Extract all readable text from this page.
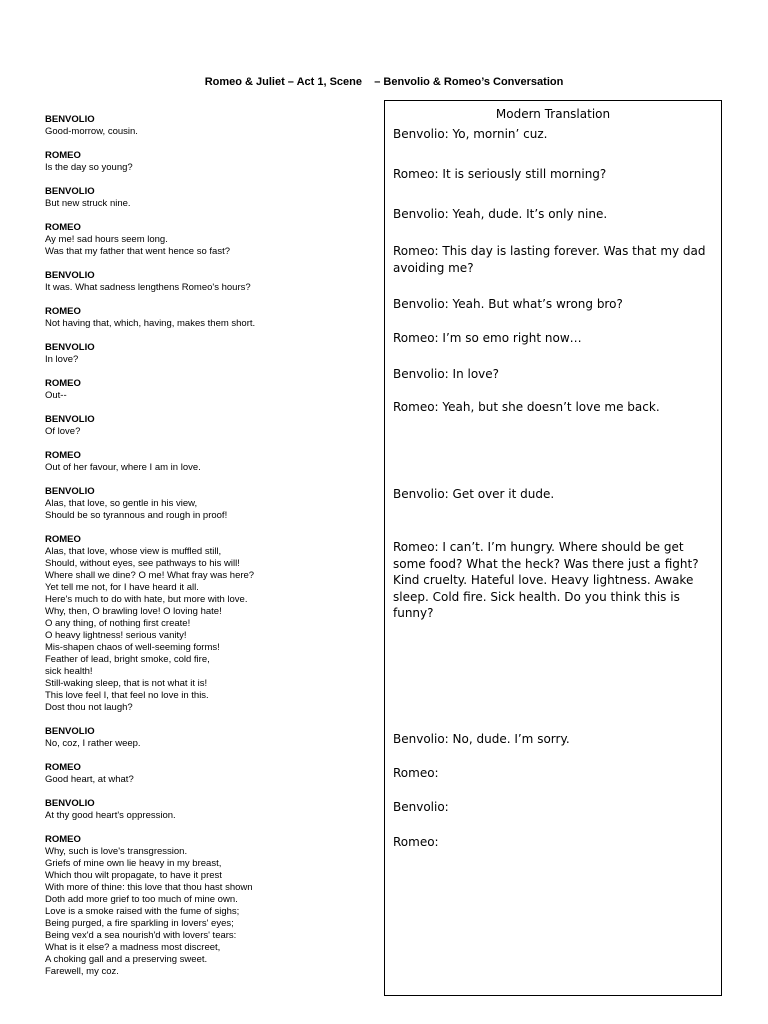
Romeo & Juliet – Act 1, Scene – Benvolio & Romeo’s Conversation
BENVOLIO
Good-morrow, cousin.
ROMEO
Is the day so young?
BENVOLIO
But new struck nine.
ROMEO
Ay me! sad hours seem long.
Was that my father that went hence so fast?
BENVOLIO
It was. What sadness lengthens Romeo's hours?
ROMEO
Not having that, which, having, makes them short.
BENVOLIO
In love?
ROMEO
Out--
BENVOLIO
Of love?
ROMEO
Out of her favour, where I am in love.
BENVOLIO
Alas, that love, so gentle in his view,
Should be so tyrannous and rough in proof!
ROMEO
Alas, that love, whose view is muffled still,
Should, without eyes, see pathways to his will!
Where shall we dine? O me! What fray was here?
Yet tell me not, for I have heard it all.
Here's much to do with hate, but more with love.
Why, then, O brawling love! O loving hate!
O any thing, of nothing first create!
O heavy lightness! serious vanity!
Mis-shapen chaos of well-seeming forms!
Feather of lead, bright smoke, cold fire,
sick health!
Still-waking sleep, that is not what it is!
This love feel I, that feel no love in this.
Dost thou not laugh?
BENVOLIO
No, coz, I rather weep.
ROMEO
Good heart, at what?
BENVOLIO
At thy good heart's oppression.
ROMEO
Why, such is love's transgression.
Griefs of mine own lie heavy in my breast,
Which thou wilt propagate, to have it prest
With more of thine: this love that thou hast shown
Doth add more grief to too much of mine own.
Love is a smoke raised with the fume of sighs;
Being purged, a fire sparkling in lovers' eyes;
Being vex'd a sea nourish'd with lovers' tears:
What is it else? a madness most discreet,
A choking gall and a preserving sweet.
Farewell, my coz.
Modern Translation
Benvolio: Yo, mornin’ cuz.
Romeo: It is seriously still morning?
Benvolio: Yeah, dude. It’s only nine.
Romeo: This day is lasting forever. Was that my dad avoiding me?
Benvolio: Yeah. But what’s wrong bro?
Romeo: I’m so emo right now…
Benvolio: In love?
Romeo: Yeah, but she doesn’t love me back.
Benvolio: Get over it dude.
Romeo: I can’t. I’m hungry. Where should be get some food? What the heck? Was there just a fight? Kind cruelty. Hateful love. Heavy lightness. Awake sleep. Cold fire. Sick health. Do you think this is funny?
Benvolio: No, dude. I’m sorry.
Romeo:
Benvolio:
Romeo:
